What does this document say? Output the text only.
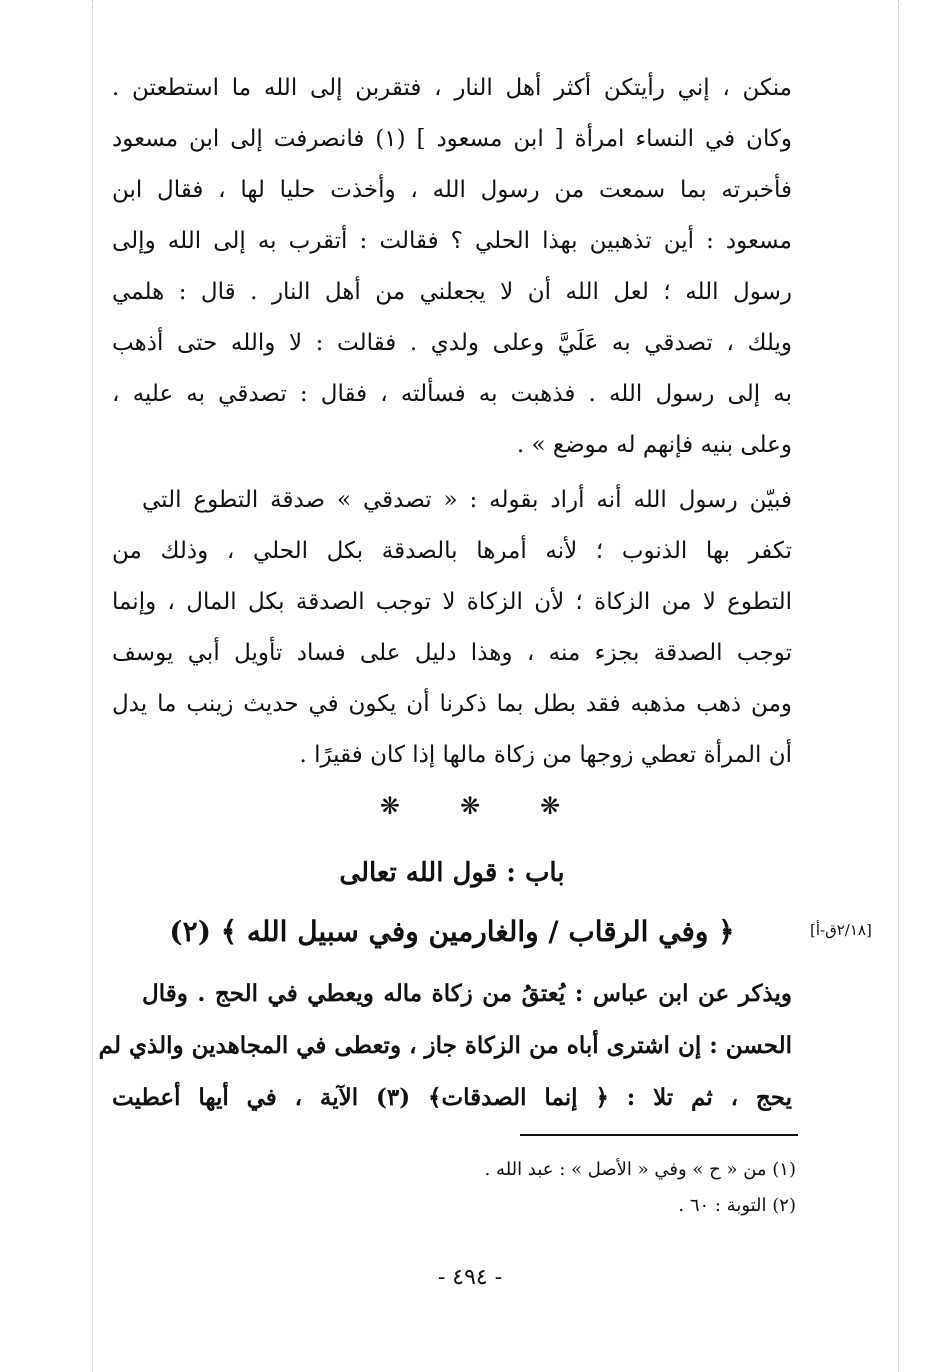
منكن ، إني رأيتكن أكثر أهل النار ، فتقربن إلى الله ما استطعتن .
وكان في النساء امرأة [ ابن مسعود ] (١) فانصرفت إلى ابن مسعود
فأخبرته بما سمعت من رسول الله ، وأخذت حليا لها ، فقال ابن
مسعود : أين تذهبين بهذا الحلي ؟ فقالت : أتقرب به إلى الله وإلى
رسول الله ؛ لعل الله أن لا يجعلني من أهل النار . قال : هلمي
ويلك ، تصدقي به عَلَيَّ وعلى ولدي . فقالت : لا والله حتى أذهب
به إلى رسول الله . فذهبت به فسألته ، فقال : تصدقي به عليه ،
وعلى بنيه فإنهم له موضع » .
فبيّن رسول الله أنه أراد بقوله : « تصدقي » صدقة التطوع التي
تكفر بها الذنوب ؛ لأنه أمرها بالصدقة بكل الحلي ، وذلك من
التطوع لا من الزكاة ؛ لأن الزكاة لا توجب الصدقة بكل المال ، وإنما
توجب الصدقة بجزء منه ، وهذا دليل على فساد تأويل أبي يوسف
ومن ذهب مذهبه فقد بطل بما ذكرنا أن يكون في حديث زينب ما يدل
أن المرأة تعطي زوجها من زكاة مالها إذا كان فقيرًا .
❋	❋	❋
باب : قول الله تعالى
﴿ وفي الرقاب / والغارمين وفي سبيل الله ﴾ (٢)	[٢/١٨ق-أ]
ويذكر عن ابن عباس : يُعتقُ من زكاة ماله ويعطي في الحج . وقال
الحسن : إن اشترى أباه من الزكاة جاز ، وتعطى في المجاهدين والذي لم
يحج ، ثم تلا : ﴿ إنما الصدقات﴾ (٣) الآية ، في أيها أعطيت
(١) من « ح » وفي « الأصل » : عبد الله .
(٢) التوبة : ٦٠ .
- ٤٩٤ -
